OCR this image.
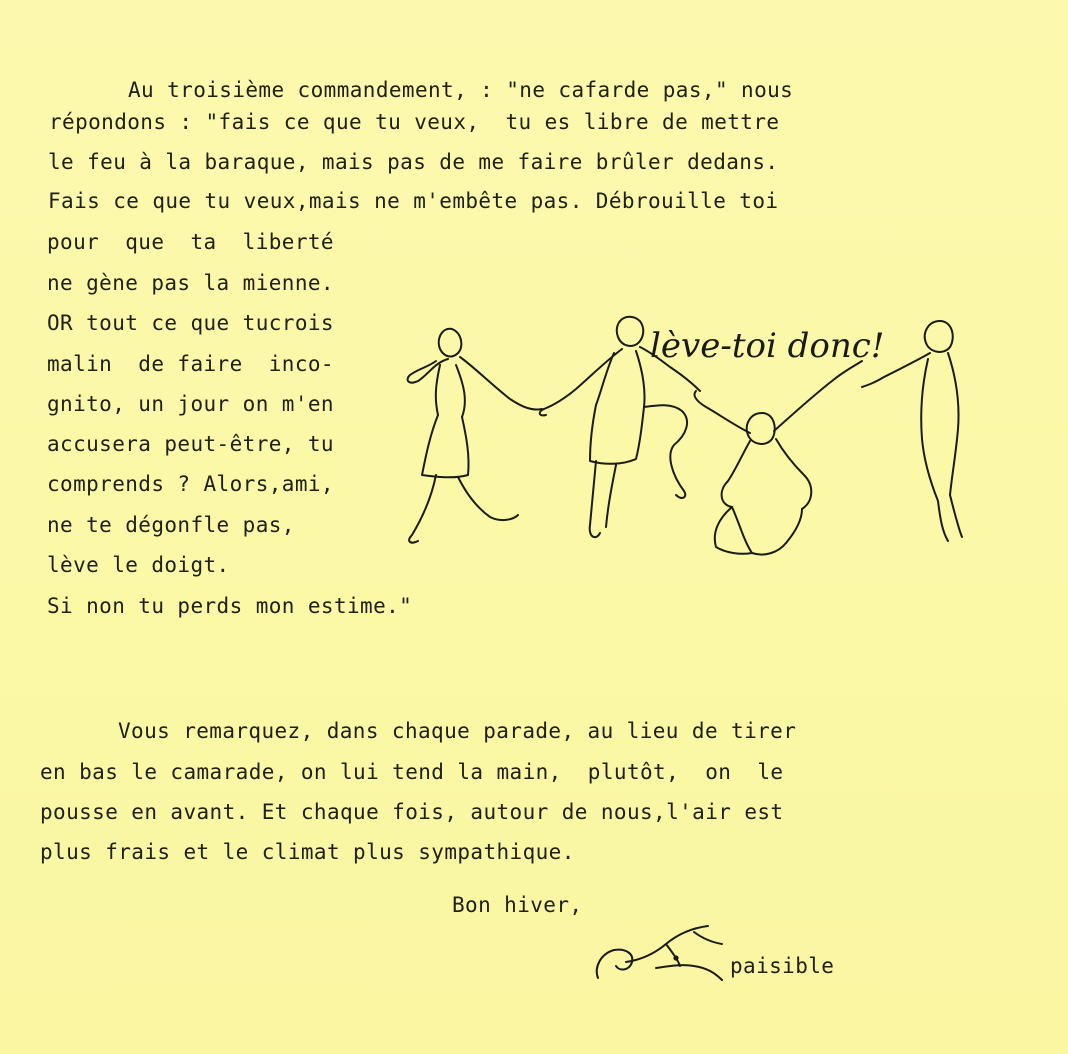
Au troisième commandement, : "ne cafarde pas," nous
répondons : "fais ce que tu veux,  tu es libre de mettre
le feu à la baraque, mais pas de me faire brûler dedans.
Fais ce que tu veux,mais ne m'embête pas. Débrouille toi
pour  que  ta  liberté
ne gène pas la mienne.
OR tout ce que tucrois
malin  de faire  inco-
gnito, un jour on m'en
accusera peut-être, tu
comprends ? Alors,ami,
ne te dégonfle pas,
lève le doigt.
Si non tu perds mon estime."
lève-toi donc!
Vous remarquez, dans chaque parade, au lieu de tirer
en bas le camarade, on lui tend la main,  plutôt,  on  le
pousse en avant. Et chaque fois, autour de nous,l'air est
plus frais et le climat plus sympathique.
Bon hiver,
paisible
